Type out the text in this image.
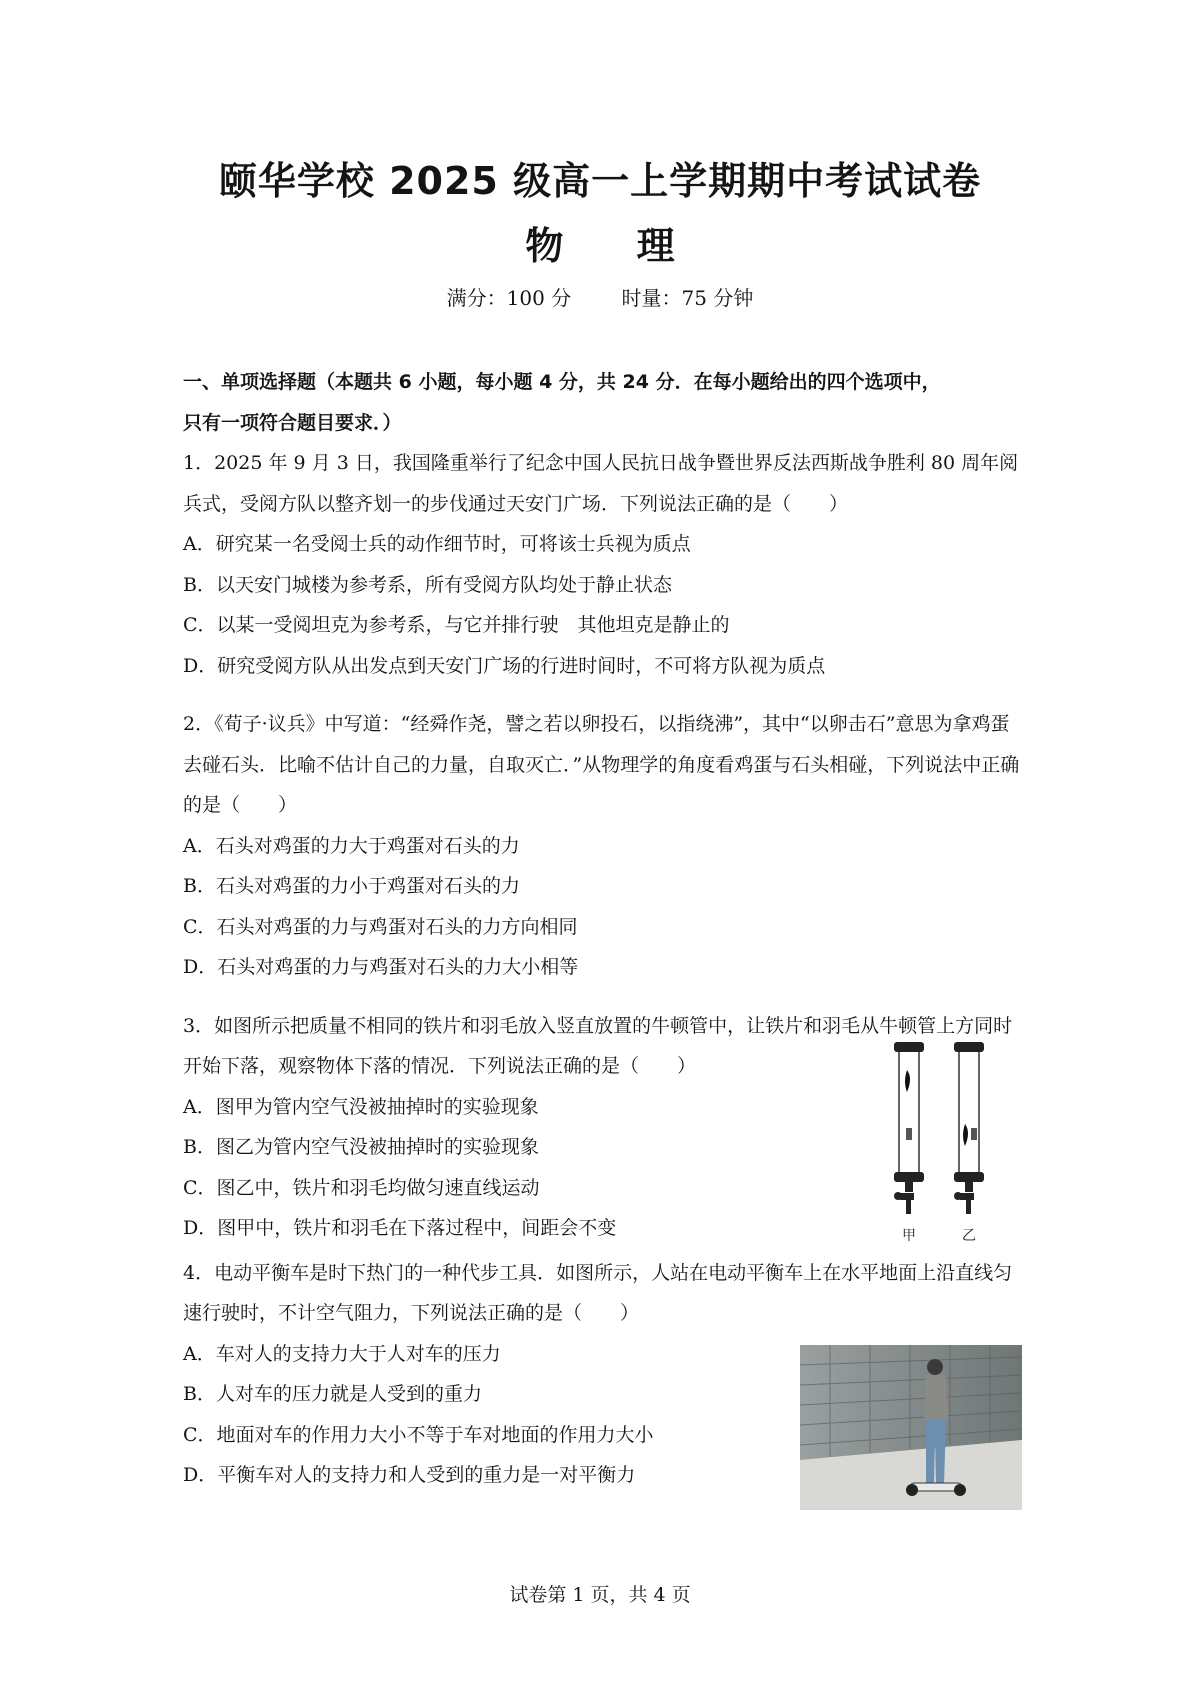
颐华学校 2025 级高一上学期期中考试试卷
物 理
满分：100 分	时量：75 分钟
一、单项选择题（本题共 6 小题，每小题 4 分，共 24 分．在每小题给出的四个选项中，
只有一项符合题目要求．）
1．2025 年 9 月 3 日，我国隆重举行了纪念中国人民抗日战争暨世界反法西斯战争胜利 80 周年阅兵式，受阅方队以整齐划一的步伐通过天安门广场．下列说法正确的是（　　）
A．研究某一名受阅士兵的动作细节时，可将该士兵视为质点
B．以天安门城楼为参考系，所有受阅方队均处于静止状态
C．以某一受阅坦克为参考系，与它并排行驶　其他坦克是静止的
D．研究受阅方队从出发点到天安门广场的行进时间时，不可将方队视为质点
2．《荀子·议兵》中写道：“经舜作尧，譬之若以卵投石，以指绕沸”，其中“以卵击石”意思为拿鸡蛋去碰石头．比喻不估计自己的力量，自取灭亡．”从物理学的角度看鸡蛋与石头相碰，下列说法中正确的是（　　）
A．石头对鸡蛋的力大于鸡蛋对石头的力
B．石头对鸡蛋的力小于鸡蛋对石头的力
C．石头对鸡蛋的力与鸡蛋对石头的力方向相同
D．石头对鸡蛋的力与鸡蛋对石头的力大小相等
3．如图所示把质量不相同的铁片和羽毛放入竖直放置的牛顿管中，让铁片和羽毛从牛顿管上方同时开始下落，观察物体下落的情况．下列说法正确的是（　　）
A．图甲为管内空气没被抽掉时的实验现象
B．图乙为管内空气没被抽掉时的实验现象
C．图乙中，铁片和羽毛均做匀速直线运动
D．图甲中，铁片和羽毛在下落过程中，间距会不变
4．电动平衡车是时下热门的一种代步工具．如图所示，人站在电动平衡车上在水平地面上沿直线匀速行驶时，不计空气阻力，下列说法正确的是（　　）
A．车对人的支持力大于人对车的压力
B．人对车的压力就是人受到的重力
C．地面对车的作用力大小不等于车对地面的作用力大小
D．平衡车对人的支持力和人受到的重力是一对平衡力
甲	乙
试卷第 1 页，共 4 页
